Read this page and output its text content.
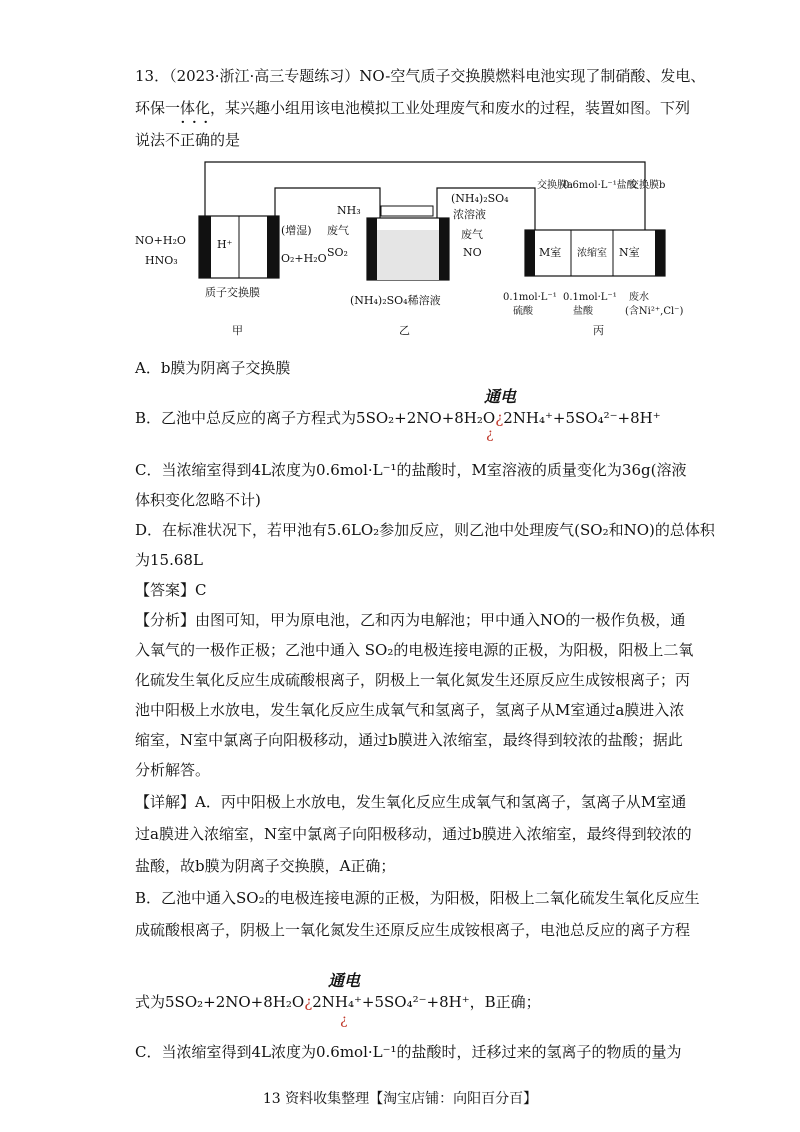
13．（2023·浙江·高三专题练习）NO-空气质子交换膜燃料电池实现了制硝酸、发电、
环保一体化，某兴趣小组用该电池模拟工业处理废气和废水的过程，装置如图。下列
· · ·
说法不正确的是
H⁺
NO+H₂O
HNO₃
(增湿)
O₂+H₂O
质子交换膜
甲
NH₃
废气
SO₂
(NH₄)₂SO₄
浓溶液
废气
NO
(NH₄)₂SO₄稀溶液
乙
M室 浓缩室 N室
交换膜a
0.6mol·L⁻¹盐酸
交换膜b
0.1mol·L⁻¹
硫酸
0.1mol·L⁻¹
盐酸
废水
(含Ni²⁺,Cl⁻)
丙
A．b膜为阴离子交换膜
通电
B．乙池中总反应的离子方程式为5SO₂+2NO+8H₂O¿2NH₄⁺+5SO₄²⁻+8H⁺
¿
C．当浓缩室得到4L浓度为0.6mol·L⁻¹的盐酸时，M室溶液的质量变化为36g(溶液
体积变化忽略不计)
D．在标准状况下，若甲池有5.6LO₂参加反应，则乙池中处理废气(SO₂和NO)的总体积
为15.68L
【答案】C
【分析】由图可知，甲为原电池，乙和丙为电解池；甲中通入NO的一极作负极，通
入氧气的一极作正极；乙池中通入 SO₂的电极连接电源的正极，为阳极，阳极上二氧
化硫发生氧化反应生成硫酸根离子，阴极上一氧化氮发生还原反应生成铵根离子；丙
池中阳极上水放电，发生氧化反应生成氧气和氢离子，氢离子从M室通过a膜进入浓
缩室，N室中氯离子向阳极移动，通过b膜进入浓缩室，最终得到较浓的盐酸；据此
分析解答。
【详解】A．丙中阳极上水放电，发生氧化反应生成氧气和氢离子，氢离子从M室通
过a膜进入浓缩室，N室中氯离子向阳极移动，通过b膜进入浓缩室，最终得到较浓的
盐酸，故b膜为阴离子交换膜，A正确；
B．乙池中通入SO₂的电极连接电源的正极，为阳极，阳极上二氧化硫发生氧化反应生
成硫酸根离子，阴极上一氧化氮发生还原反应生成铵根离子，电池总反应的离子方程
通电
式为5SO₂+2NO+8H₂O¿2NH₄⁺+5SO₄²⁻+8H⁺，B正确；
¿
C．当浓缩室得到4L浓度为0.6mol·L⁻¹的盐酸时，迁移过来的氢离子的物质的量为
13 资料收集整理【淘宝店铺：向阳百分百】
